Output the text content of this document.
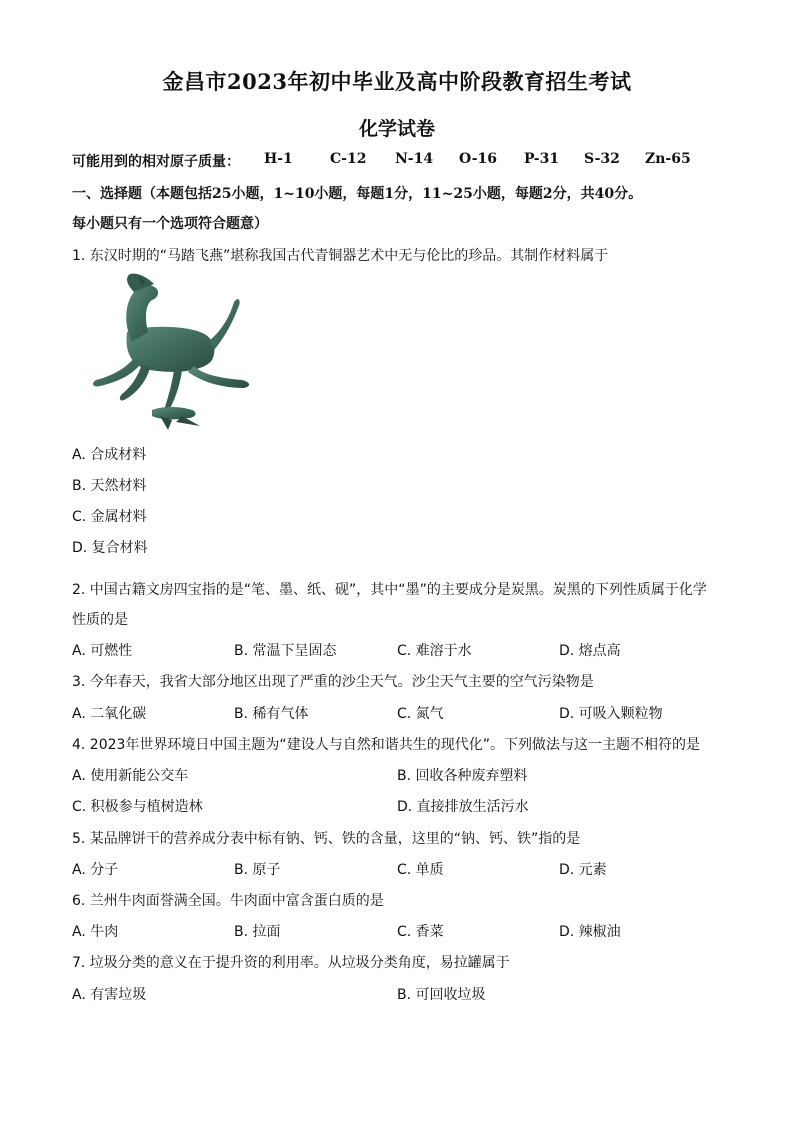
金昌市2023年初中毕业及高中阶段教育招生考试
化学试卷
可能用到的相对原子质量： H-1	C-12 N-14 O-16 P-31 S-32 Zn-65
一、选择题（本题包括25小题，1~10小题，每题1分，11~25小题，每题2分，共40分。
每小题只有一个选项符合题意）
1. 东汉时期的“马踏飞燕”堪称我国古代青铜器艺术中无与伦比的珍品。其制作材料属于
A. 合成材料
B. 天然材料
C. 金属材料
D. 复合材料
2. 中国古籍文房四宝指的是“笔、墨、纸、砚”，其中“墨”的主要成分是炭黑。炭黑的下列性质属于化学
性质的是
A. 可燃性	B. 常温下呈固态	C. 难溶于水	D. 熔点高
3. 今年春天，我省大部分地区出现了严重的沙尘天气。沙尘天气主要的空气污染物是
A. 二氧化碳	B. 稀有气体	C. 氮气	D. 可吸入颗粒物
4. 2023年世界环境日中国主题为“建设人与自然和谐共生的现代化”。下列做法与这一主题不相符的是
A. 使用新能公交车	B. 回收各种废弃塑料
C. 积极参与植树造林	D. 直接排放生活污水
5. 某品牌饼干的营养成分表中标有钠、钙、铁的含量，这里的“钠、钙、铁”指的是
A. 分子	B. 原子	C. 单质	D. 元素
6. 兰州牛肉面誉满全国。牛肉面中富含蛋白质的是
A. 牛肉	B. 拉面	C. 香菜	D. 辣椒油
7. 垃圾分类的意义在于提升资的利用率。从垃圾分类角度，易拉罐属于
A. 有害垃圾	B. 可回收垃圾
